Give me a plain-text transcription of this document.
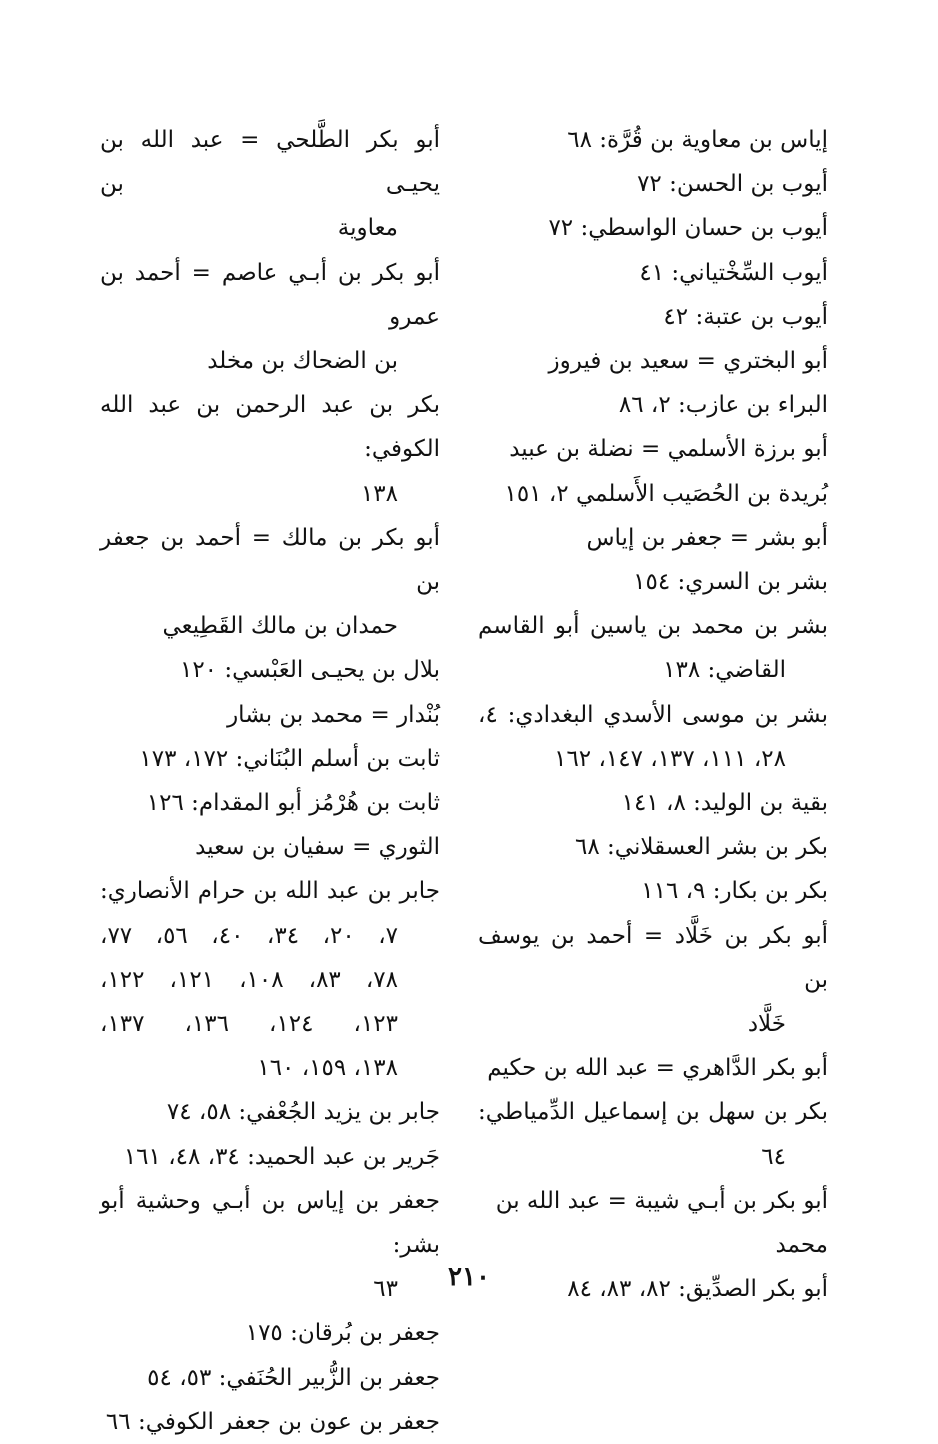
إياس بن معاوية بن قُرَّة: ٦٨
أيوب بن الحسن: ٧٢
أيوب بن حسان الواسطي: ٧٢
أيوب السِّخْتياني: ٤١
أيوب بن عتبة: ٤٢
أبو البختري = سعيد بن فيروز
البراء بن عازب: ٢، ٨٦
أبو برزة الأسلمي = نضلة بن عبيد
بُريدة بن الحُصَيب الأَسلمي ٢، ١٥١
أبو بشر = جعفر بن إياس
بشر بن السري: ١٥٤
بشر بن محمد بن ياسين أبو القاسم
القاضي: ١٣٨
بشر بن موسى الأسدي البغدادي: ٤،
٢٨، ١١١، ١٣٧، ١٤٧، ١٦٢
بقية بن الوليد: ٨، ١٤١
بكر بن بشر العسقلاني: ٦٨
بكر بن بكار: ٩، ١١٦
أبو بكر بن خَلَّاد = أحمد بن يوسف بن
خَلَّاد
أبو بكر الدَّاهري = عبد الله بن حكيم
بكر بن سهل بن إسماعيل الدِّمياطي:
٦٤
أبو بكر بن أبـي شيبة = عبد الله بن محمد
أبو بكر الصدِّيق: ٨٢، ٨٣، ٨٤
أبو بكر الطَّلحي = عبد الله بن يحيـى بن
معاوية
أبو بكر بن أبـي عاصم = أحمد بن عمرو
بن الضحاك بن مخلد
بكر بن عبد الرحمن بن عبد الله الكوفي:
١٣٨
أبو بكر بن مالك = أحمد بن جعفر بن
حمدان بن مالك القَطِيعي
بلال بن يحيـى العَبْسي: ١٢٠
بُنْدار = محمد بن بشار
ثابت بن أسلم البُنَاني: ١٧٢، ١٧٣
ثابت بن هُرْمُز أبو المقدام: ١٢٦
الثوري = سفيان بن سعيد
جابر بن عبد الله بن حرام الأنصاري:
٧، ٢٠، ٣٤، ٤٠، ٥٦، ٧٧،
٧٨، ٨٣، ١٠٨، ١٢١، ١٢٢،
١٢٣، ١٢٤، ١٣٦، ١٣٧،
١٣٨، ١٥٩، ١٦٠
جابر بن يزيد الجُعْفي: ٥٨، ٧٤
جَرير بن عبد الحميد: ٣٤، ٤٨، ١٦١
جعفر بن إياس بن أبـي وحشية أبو بشر:
٦٣
جعفر بن بُرقان: ١٧٥
جعفر بن الزُّبير الحُنَفي: ٥٣، ٥٤
جعفر بن عون بن جعفر الكوفي: ٦٦
٢١٠
